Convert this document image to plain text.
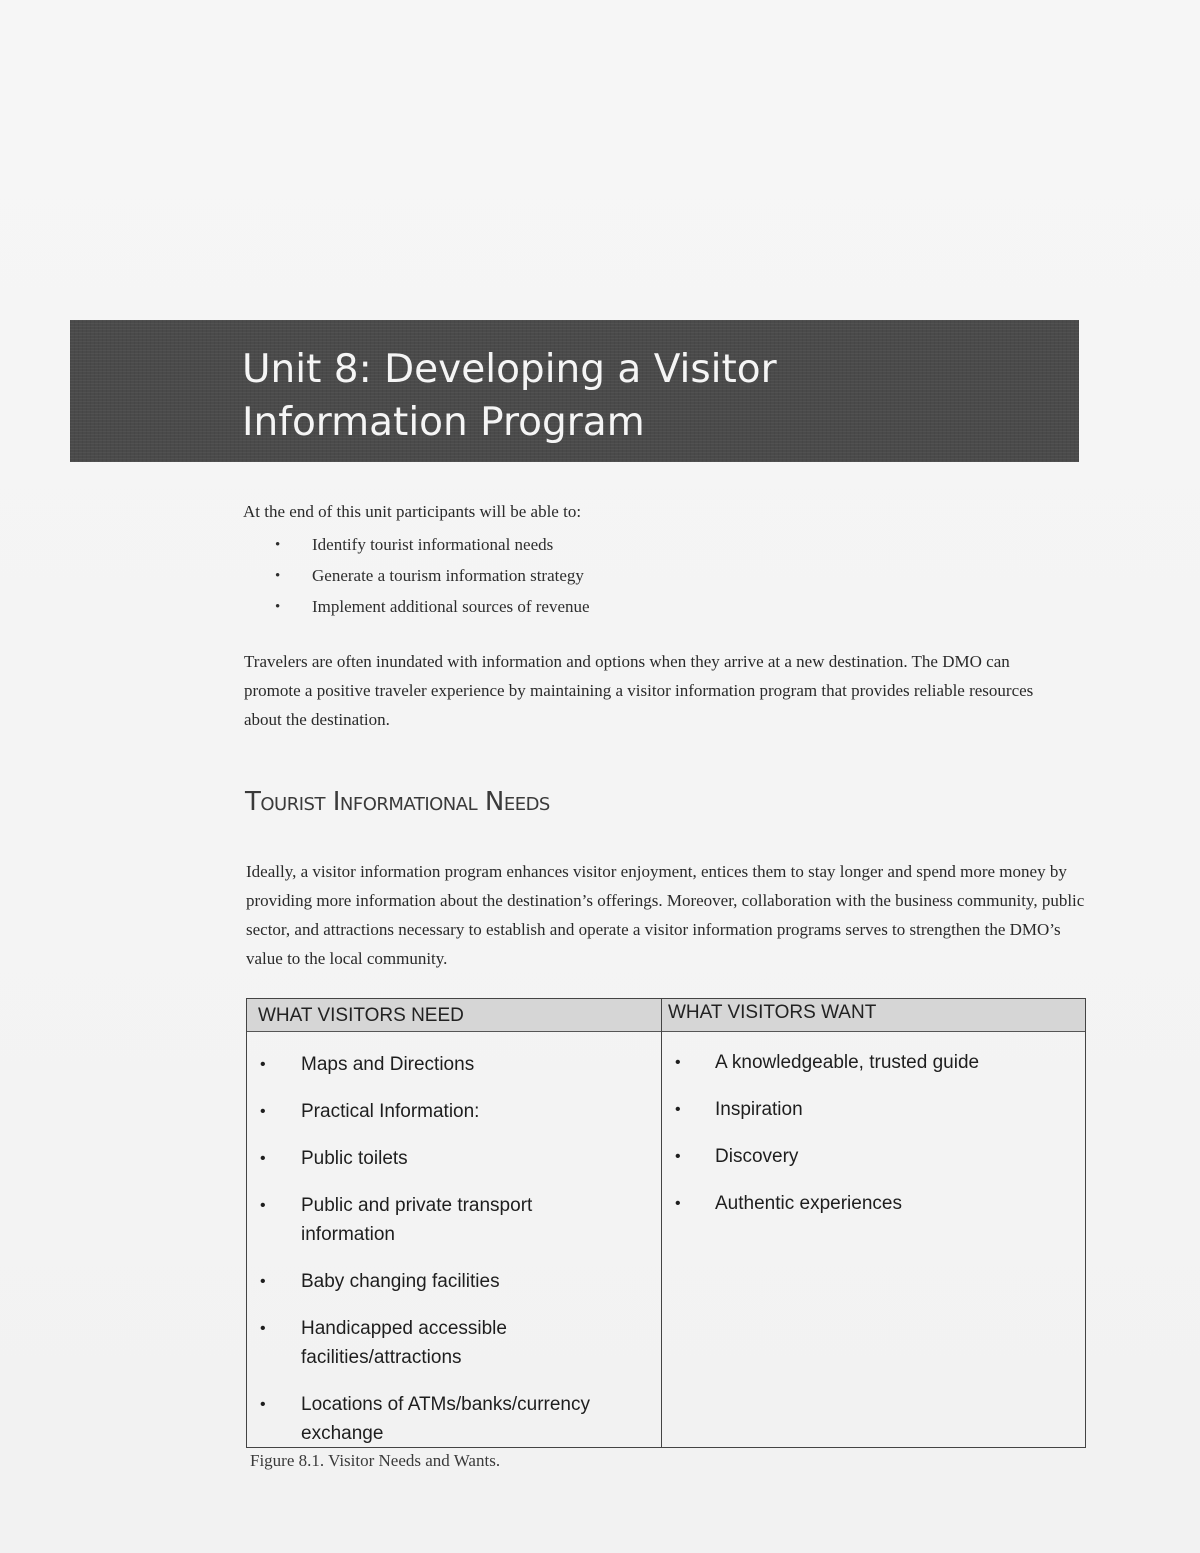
Unit 8: Developing a Visitor
Information Program
At the end of this unit participants will be able to:
•	Identify tourist informational needs
•	Generate a tourism information strategy
•	Implement additional sources of revenue

Travelers are often inundated with information and options when they arrive at a new destination. The DMO can promote a positive traveler experience by maintaining a visitor information program that provides reliable resources about the destination.

Tourist Informational Needs

Ideally, a visitor information program enhances visitor enjoyment, entices them to stay longer and spend more money by providing more information about the destination’s offerings. Moreover, collaboration with the business community, public sector, and attractions necessary to establish and operate a visitor information programs serves to strengthen the DMO’s value to the local community.

WHAT VISITORS NEED
•	Maps and Directions
•	Practical Information:
•	Public toilets
•	Public and private transport information
•	Baby changing facilities
•	Handicapped accessible facilities/attractions
•	Locations of ATMs/banks/currency exchange
WHAT VISITORS WANT
•	A knowledgeable, trusted guide
•	Inspiration
•	Discovery
•	Authentic experiences
Figure 8.1. Visitor Needs and Wants.
